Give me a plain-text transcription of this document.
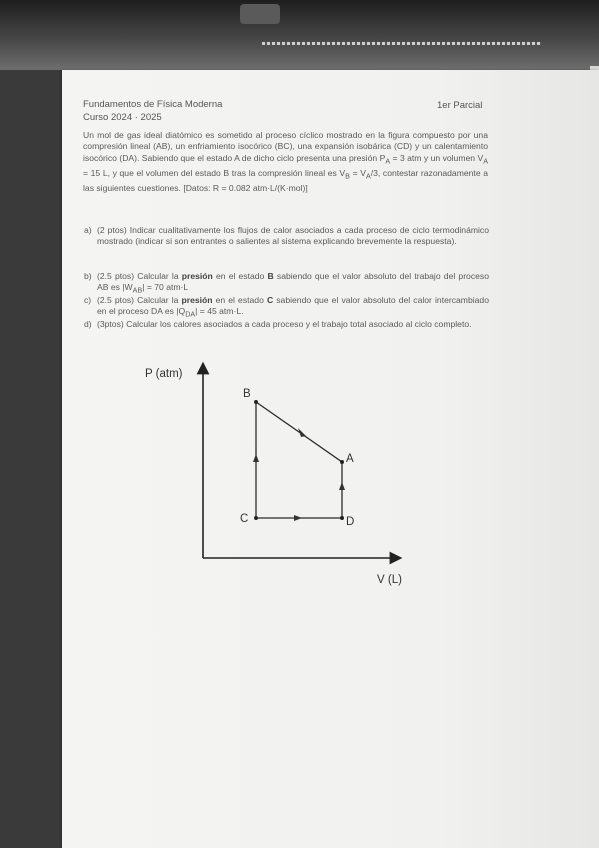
Fundamentos de Física Moderna
Curso 2024 · 2025
1er Parcial

Un mol de gas ideal diatómico es sometido al proceso cíclico mostrado en la figura compuesto por una compresión lineal (AB), un enfriamiento isocórico (BC), una expansión isobárica (CD) y un calentamiento isocórico (DA). Sabiendo que el estado A de dicho ciclo presenta una presión $P_A = 3$ atm y un volumen $V_A = 15$ L, y que el volumen del estado B tras la compresión lineal es $V_B = V_A/3$, contestar razonadamente a las siguientes cuestiones. [Datos: R = 0.082 atm·L/(K·mol)]

a) (2 ptos) Indicar cualitativamente los flujos de calor asociados a cada proceso de ciclo termodinámico mostrado (indicar si son entrantes o salientes al sistema explicando brevemente la respuesta).
b) (2.5 ptos) Calcular la presión en el estado B sabiendo que el valor absoluto del trabajo del proceso AB es $|W_{AB}| = 70$ atm·L
c) (2.5 ptos) Calcular la presión en el estado C sabiendo que el valor absoluto del calor intercambiado en el proceso DA es $|Q_{DA}| = 45$ atm·L.
d) (3ptos) Calcular los calores asociados a cada proceso y el trabajo total asociado al ciclo completo.
P (atm)
V (L)
B
A
C	D
